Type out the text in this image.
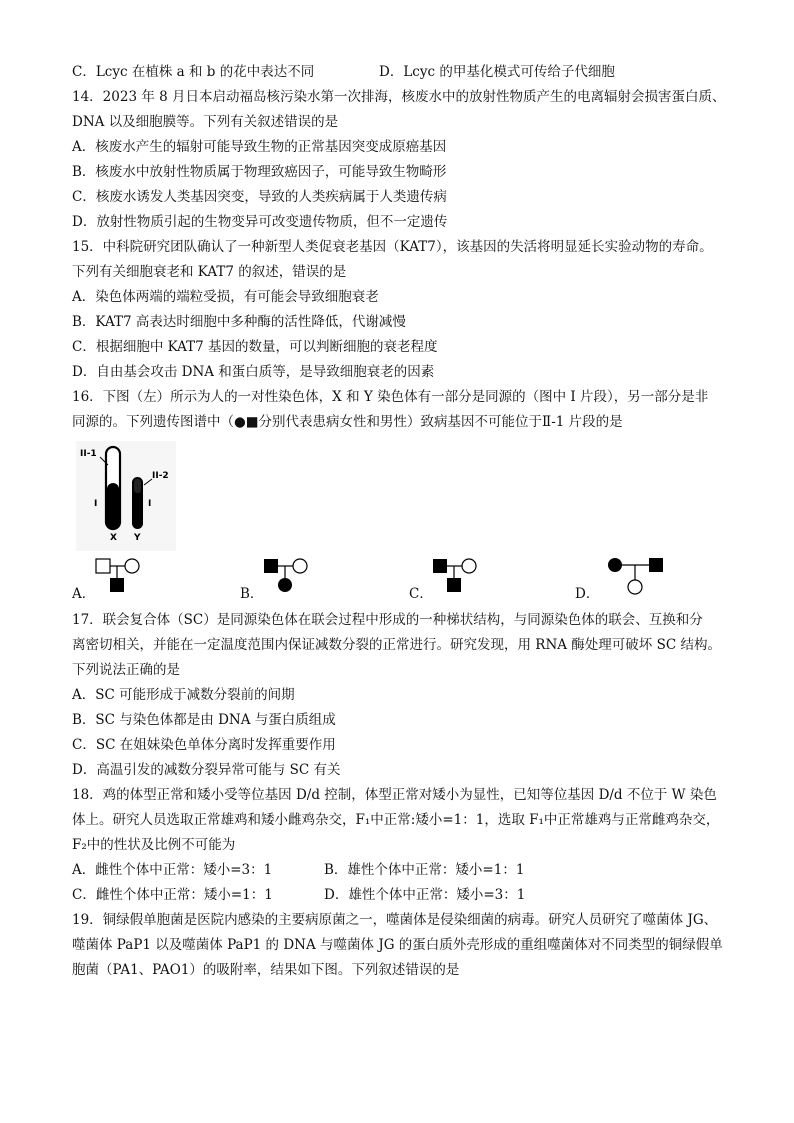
C．Lcyc 在植株 a 和 b 的花中表达不同	D．Lcyc 的甲基化模式可传给子代细胞
14．2023 年 8 月日本启动福岛核污染水第一次排海，核废水中的放射性物质产生的电离辐射会损害蛋白质、
DNA 以及细胞膜等。下列有关叙述错误的是
A．核废水产生的辐射可能导致生物的正常基因突变成原癌基因
B．核废水中放射性物质属于物理致癌因子，可能导致生物畸形
C．核废水诱发人类基因突变，导致的人类疾病属于人类遗传病
D．放射性物质引起的生物变异可改变遗传物质，但不一定遗传
15．中科院研究团队确认了一种新型人类促衰老基因（KAT7），该基因的失活将明显延长实验动物的寿命。
下列有关细胞衰老和 KAT7 的叙述，错误的是
A．染色体两端的端粒受损，有可能会导致细胞衰老
B．KAT7 高表达时细胞中多种酶的活性降低，代谢减慢
C．根据细胞中 KAT7 基因的数量，可以判断细胞的衰老程度
D．自由基会攻击 DNA 和蛋白质等，是导致细胞衰老的因素
16．下图（左）所示为人的一对性染色体，X 和 Y 染色体有一部分是同源的（图中 I 片段），另一部分是非
同源的。下列遗传图谱中（●■分别代表患病女性和男性）致病基因不可能位于Ⅱ-1 片段的是
II-1
II-2
I	I
X Y
A．	B．	C．	D．
17．联会复合体（SC）是同源染色体在联会过程中形成的一种梯状结构，与同源染色体的联会、互换和分
离密切相关，并能在一定温度范围内保证减数分裂的正常进行。研究发现，用 RNA 酶处理可破坏 SC 结构。
下列说法正确的是
A．SC 可能形成于减数分裂前的间期
B．SC 与染色体都是由 DNA 与蛋白质组成
C．SC 在姐妹染色单体分离时发挥重要作用
D．高温引发的减数分裂异常可能与 SC 有关
18．鸡的体型正常和矮小受等位基因 D/d 控制，体型正常对矮小为显性，已知等位基因 D/d 不位于 W 染色
体上。研究人员选取正常雄鸡和矮小雌鸡杂交，F₁中正常:矮小=1：1，选取 F₁中正常雄鸡与正常雌鸡杂交，
F₂中的性状及比例不可能为
A．雌性个体中正常：矮小=3：1	B．雄性个体中正常：矮小=1：1
C．雌性个体中正常：矮小=1：1	D．雄性个体中正常：矮小=3：1
19．铜绿假单胞菌是医院内感染的主要病原菌之一，噬菌体是侵染细菌的病毒。研究人员研究了噬菌体 JG、
噬菌体 PaP1 以及噬菌体 PaP1 的 DNA 与噬菌体 JG 的蛋白质外壳形成的重组噬菌体对不同类型的铜绿假单
胞菌（PA1、PAO1）的吸附率，结果如下图。下列叙述错误的是
